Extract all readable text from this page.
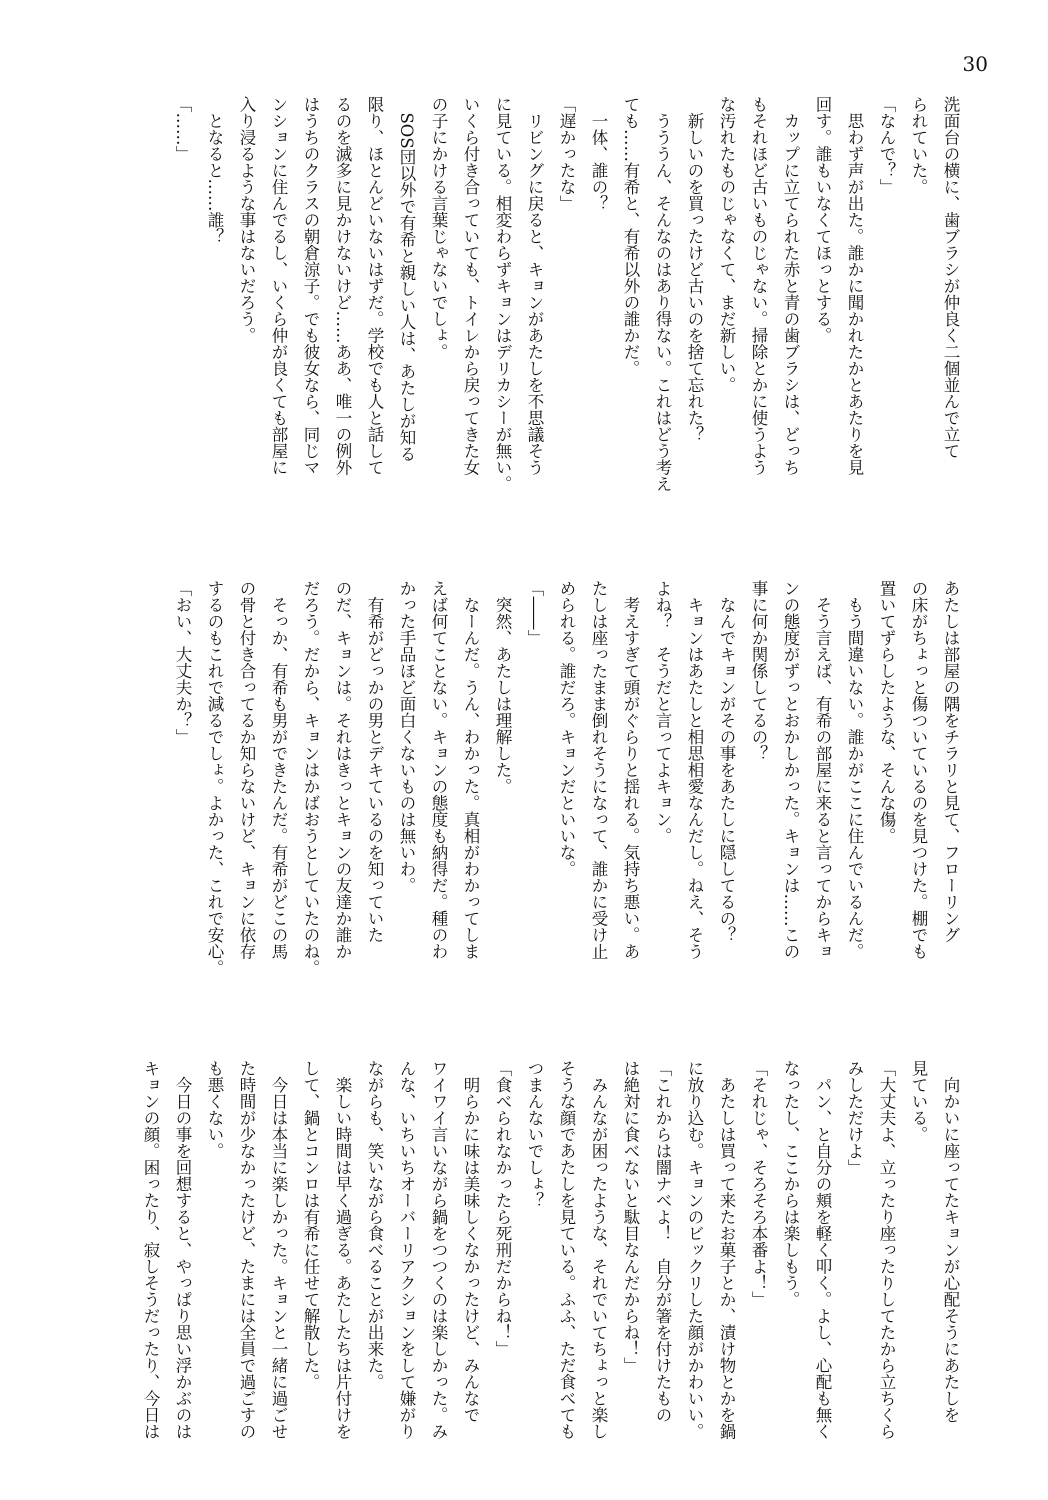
30

洗面台の横に、歯ブラシが仲良く二個並んで立て

られていた。

「なんで？」

　思わず声が出た。誰かに聞かれたかとあたりを見

回す。誰もいなくてほっとする。

　カップに立てられた赤と青の歯ブラシは、どっち

もそれほど古いものじゃない。掃除とかに使うよう

な汚れたものじゃなくて、まだ新しい。

　新しいのを買ったけど古いのを捨て忘れた？

　うううん、そんなのはあり得ない。これはどう考え

ても……有希と、有希以外の誰かだ。

　一体、誰の？

「遅かったな」

　リビングに戻ると、キョンがあたしを不思議そう

に見ている。相変わらずキョンはデリカシーが無い。

いくら付き合っていても、トイレから戻ってきた女

の子にかける言葉じゃないでしょ。

　SOS団以外で有希と親しい人は、あたしが知る

限り、ほとんどいないはずだ。学校でも人と話して

るのを滅多に見かけないけど……ああ、唯一の例外

はうちのクラスの朝倉涼子。でも彼女なら、同じマ

ンションに住んでるし、いくら仲が良くても部屋に

入り浸るような事はないだろう。

　となると……誰？

「……」

あたしは部屋の隅をチラリと見て、フローリング

の床がちょっと傷ついているのを見つけた。棚でも

置いてずらしたような、そんな傷。

　もう間違いない。誰かがここに住んでいるんだ。

　そう言えば、有希の部屋に来ると言ってからキョ

ンの態度がずっとおかしかった。キョンは……この

事に何か関係してるの？

　なんでキョンがその事をあたしに隠してるの？

　キョンはあたしと相思相愛なんだし。ねえ、そう

よね？　そうだと言ってよキョン。

　考えすぎて頭がぐらりと揺れる。気持ち悪い。あ

たしは座ったまま倒れそうになって、誰かに受け止

められる。誰だろ。キョンだといいな。

「――」

　突然、あたしは理解した。

　なーんだ。うん、わかった。真相がわかってしま

えば何てことない。キョンの態度も納得だ。種のわ

かった手品ほど面白くないものは無いわ。

　有希がどっかの男とデキているのを知っていた

のだ、キョンは。それはきっとキョンの友達か誰か

だろう。だから、キョンはかばおうとしていたのね。

　そっか、有希も男ができたんだ。有希がどこの馬

の骨と付き合ってるか知らないけど、キョンに依存

するのもこれで減るでしょ。よかった、これで安心。

「おい、大丈夫か？」

　向かいに座ってたキョンが心配そうにあたしを

見ている。

「大丈夫よ、立ったり座ったりしてたから立ちくら

みしただけよ」

　パン、と自分の頬を軽く叩く。よし、心配も無く

なったし、ここからは楽しもう。

「それじゃ、そろそろ本番よ！」

　あたしは買って来たお菓子とか、漬け物とかを鍋

に放り込む。キョンのビックリした顔がかわいい。

「これからは闇ナベよ！　自分が箸を付けたもの

は絶対に食べないと駄目なんだからね！」

　みんなが困ったような、それでいてちょっと楽し

そうな顔であたしを見ている。ふふ、ただ食べても

つまんないでしょ？

「食べられなかったら死刑だからね！」

　明らかに味は美味しくなかったけど、みんなで

ワイワイ言いながら鍋をつつくのは楽しかった。み

んな、いちいちオーバーリアクションをして嫌がり

ながらも、笑いながら食べることが出来た。

　楽しい時間は早く過ぎる。あたしたちは片付けを

して、鍋とコンロは有希に任せて解散した。

　今日は本当に楽しかった。キョンと一緒に過ごせ

た時間が少なかったけど、たまには全員で過ごすの

も悪くない。

　今日の事を回想すると、やっぱり思い浮かぶのは

キョンの顔。困ったり、寂しそうだったり、今日は
